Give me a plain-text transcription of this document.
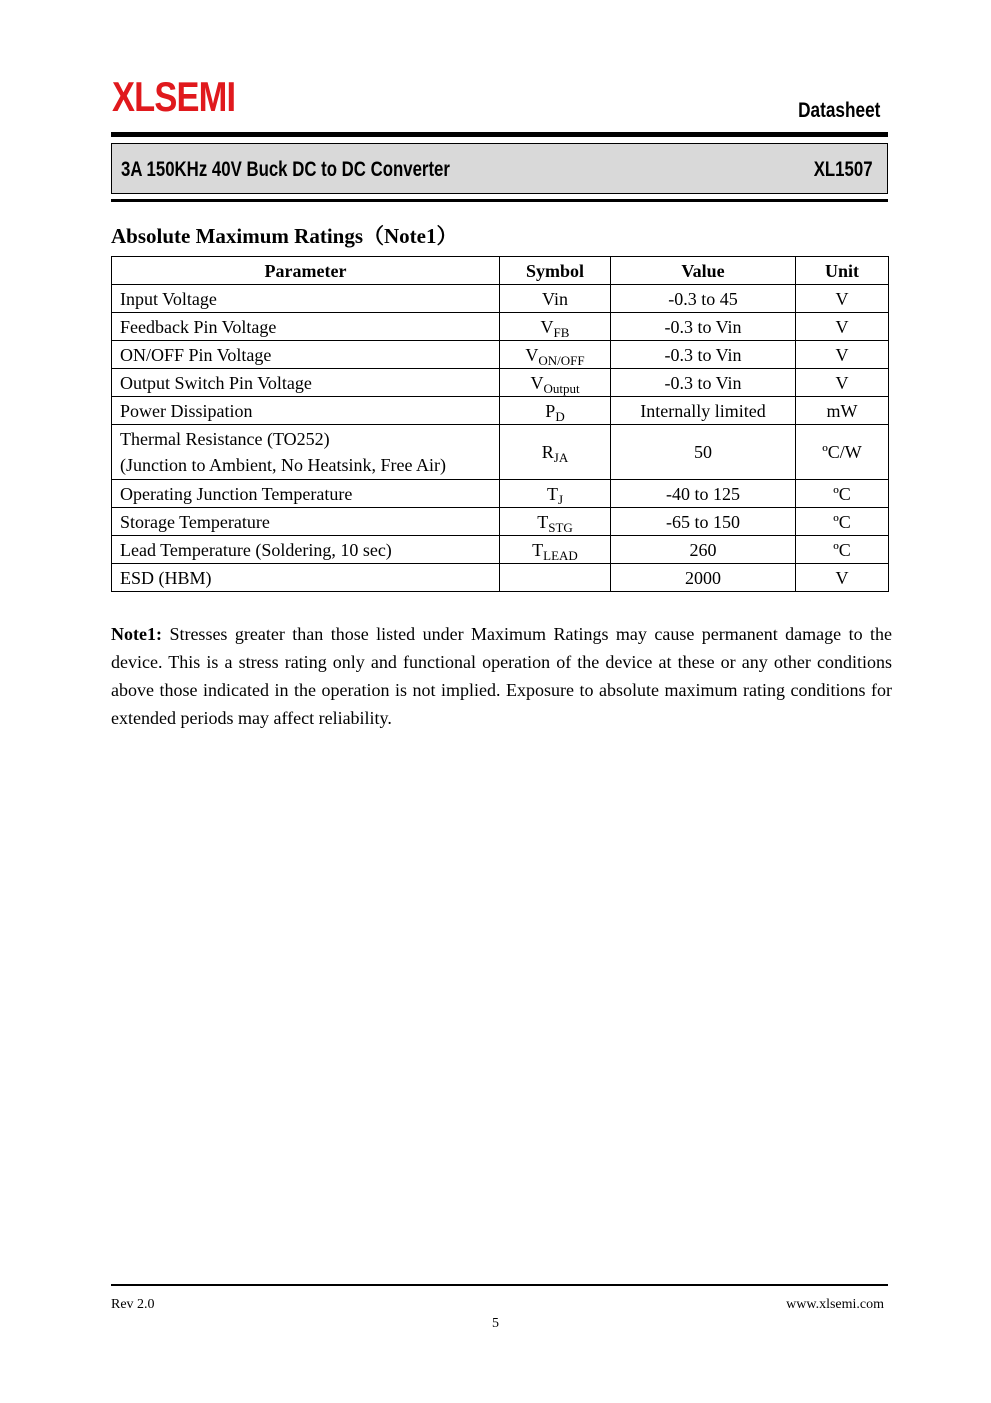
XLSEMI	Datasheet
3A 150KHz 40V Buck DC to DC Converter	XL1507
Absolute Maximum Ratings（Note1）
Parameter	Symbol	Value	Unit
Input Voltage	Vin	-0.3 to 45	V
Feedback Pin Voltage	$V_{FB}$	-0.3 to Vin	V
ON/OFF Pin Voltage	$V_{ON/OFF}$	-0.3 to Vin	V
Output Switch Pin Voltage	$V_{Output}$	-0.3 to Vin	V
Power Dissipation	$P_D$	Internally limited	mW

Thermal Resistance (TO252)
(Junction to Ambient, No Heatsink, Free Air)	$R_{JA}$	50	ºC/W
Operating Junction Temperature	$T_J$	-40 to 125	ºC
Storage Temperature	$T_{STG}$	-65 to 150	ºC
Lead Temperature (Soldering, 10 sec)	$T_{LEAD}$	260	ºC
ESD (HBM)		2000	V
Note1: Stresses greater than those listed under Maximum Ratings may cause permanent damage to the device. This is a stress rating only and functional operation of the device at these or any other conditions above those indicated in the operation is not implied. Exposure to absolute maximum rating conditions for extended periods may affect reliability.
Rev 2.0	www.xlsemi.com
5
